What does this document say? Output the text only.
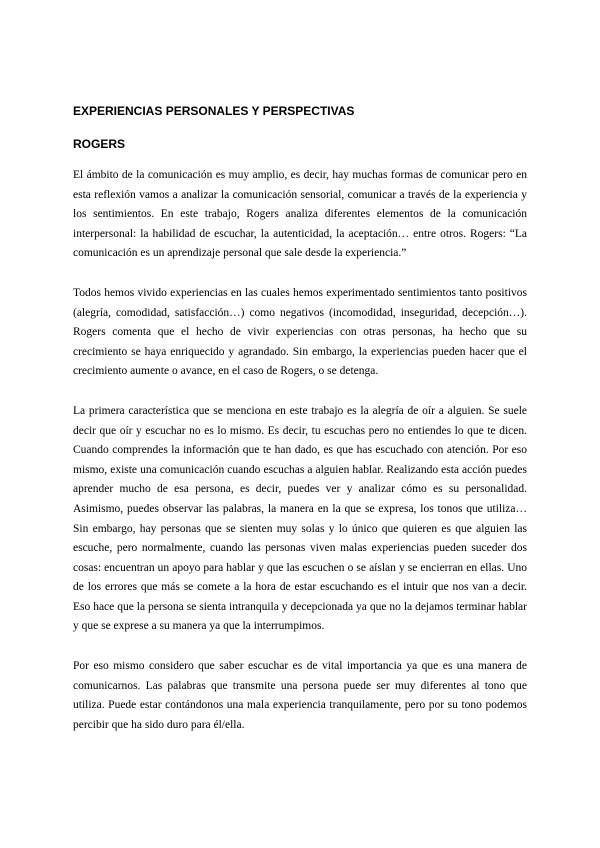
EXPERIENCIAS PERSONALES Y PERSPECTIVAS
ROGERS

El ámbito de la comunicación es muy amplio, es decir, hay muchas formas de comunicar pero en esta reflexión vamos a analizar la comunicación sensorial, comunicar a través de la experiencia y los sentimientos. En este trabajo, Rogers analiza diferentes elementos de la comunicación interpersonal: la habilidad de escuchar, la autenticidad, la aceptación… entre otros. Rogers: “La comunicación es un aprendizaje personal que sale desde la experiencia.”

Todos hemos vivido experiencias en las cuales hemos experimentado sentimientos tanto positivos (alegría, comodidad, satisfacción…) como negativos (incomodidad, inseguridad, decepción…). Rogers comenta que el hecho de vivir experiencias con otras personas, ha hecho que su crecimiento se haya enriquecido y agrandado. Sin embargo, la experiencias pueden hacer que el crecimiento aumente o avance, en el caso de Rogers, o se detenga.

La primera característica que se menciona en este trabajo es la alegría de oír a alguien. Se suele decir que oír y escuchar no es lo mismo. Es decir, tu escuchas pero no entiendes lo que te dicen. Cuando comprendes la información que te han dado, es que has escuchado con atención. Por eso mismo, existe una comunicación cuando escuchas a alguien hablar. Realizando esta acción puedes aprender mucho de esa persona, es decir, puedes ver y analizar cómo es su personalidad. Asimismo, puedes observar las palabras, la manera en la que se expresa, los tonos que utiliza… Sin embargo, hay personas que se sienten muy solas y lo único que quieren es que alguien las escuche, pero normalmente, cuando las personas viven malas experiencias pueden suceder dos cosas: encuentran un apoyo para hablar y que las escuchen o se aíslan y se encierran en ellas. Uno de los errores que más se comete a la hora de estar escuchando es el intuir que nos van a decir. Eso hace que la persona se sienta intranquila y decepcionada ya que no la dejamos terminar hablar y que se exprese a su manera ya que la interrumpimos.

Por eso mismo considero que saber escuchar es de vital importancia ya que es una manera de comunicarnos. Las palabras que transmite una persona puede ser muy diferentes al tono que utiliza. Puede estar contándonos una mala experiencia tranquilamente, pero por su tono podemos percibir que ha sido duro para él/ella.
